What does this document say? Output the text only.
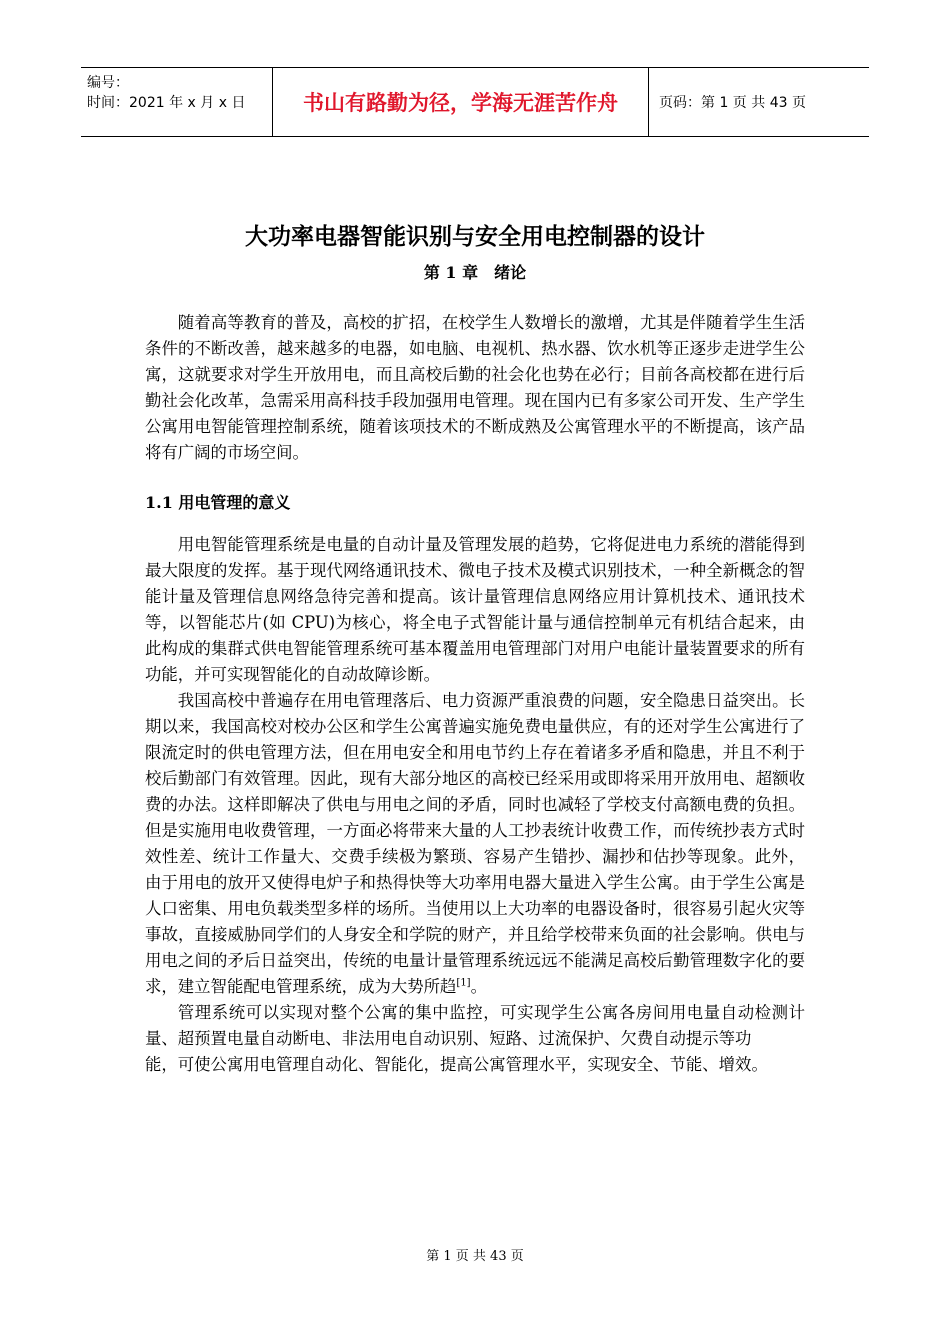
编号：
时间：2021 年 x 月 x 日	书山有路勤为径，学海无涯苦作舟	页码：第 1 页 共 43 页
大功率电器智能识别与安全用电控制器的设计
第 1 章　绪论

随着高等教育的普及，高校的扩招，在校学生人数增长的激增，尤其是伴随着学生生活条件的不断改善，越来越多的电器，如电脑、电视机、热水器、饮水机等正逐步走进学生公寓，这就要求对学生开放用电，而且高校后勤的社会化也势在必行；目前各高校都在进行后勤社会化改革，急需采用高科技手段加强用电管理。现在国内已有多家公司开发、生产学生公寓用电智能管理控制系统，随着该项技术的不断成熟及公寓管理水平的不断提高，该产品将有广阔的市场空间。

1.1 用电管理的意义

用电智能管理系统是电量的自动计量及管理发展的趋势，它将促进电力系统的潜能得到最大限度的发挥。基于现代网络通讯技术、微电子技术及模式识别技术，一种全新概念的智能计量及管理信息网络急待完善和提高。该计量管理信息网络应用计算机技术、通讯技术等，以智能芯片(如 CPU)为核心，将全电子式智能计量与通信控制单元有机结合起来，由此构成的集群式供电智能管理系统可基本覆盖用电管理部门对用户电能计量装置要求的所有功能，并可实现智能化的自动故障诊断。

我国高校中普遍存在用电管理落后、电力资源严重浪费的问题，安全隐患日益突出。长期以来，我国高校对校办公区和学生公寓普遍实施免费电量供应，有的还对学生公寓进行了限流定时的供电管理方法，但在用电安全和用电节约上存在着诸多矛盾和隐患，并且不利于校后勤部门有效管理。因此，现有大部分地区的高校已经采用或即将采用开放用电、超额收费的办法。这样即解决了供电与用电之间的矛盾，同时也减轻了学校支付高额电费的负担。但是实施用电收费管理，一方面必将带来大量的人工抄表统计收费工作，而传统抄表方式时效性差、统计工作量大、交费手续极为繁琐、容易产生错抄、漏抄和估抄等现象。此外， 由于用电的放开又使得电炉子和热得快等大功率用电器大量进入学生公寓。由于学生公寓是人口密集、用电负载类型多样的场所。当使用以上大功率的电器设备时，很容易引起火灾等事故，直接威胁同学们的人身安全和学院的财产，并且给学校带来负面的社会影响。供电与用电之间的矛后日益突出，传统的电量计量管理系统远远不能满足高校后勤管理数字化的要求，建立智能配电管理系统，成为大势所趋[1]。

管理系统可以实现对整个公寓的集中监控，可实现学生公寓各房间用电量自动检测计量、超预置电量自动断电、非法用电自动识别、短路、过流保护、欠费自动提示等功

能，可使公寓用电管理自动化、智能化，提高公寓管理水平，实现安全、节能、增效。

第 1 页 共 43 页
